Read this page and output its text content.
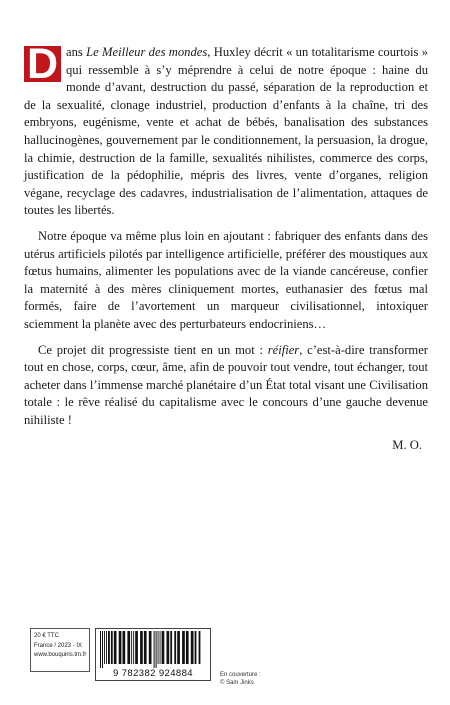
D ans Le Meilleur des mondes, Huxley décrit « un totalitarisme courtois » qui ressemble à s’y méprendre à celui de notre époque : haine du monde d’avant, destruction du passé, séparation de la reproduction et de la sexualité, clonage industriel, production d’enfants à la chaîne, tri des embryons, eugénisme, vente et achat de bébés, banalisation des substances hallucinogènes, gouvernement par le conditionnement, la persuasion, la drogue, la chimie, destruction de la famille, sexualités nihilistes, commerce des corps, justification de la pédophilie, mépris des livres, vente d’organes, religion végane, recyclage des cadavres, industrialisation de l’alimentation, attaques de toutes les libertés.

Notre époque va même plus loin en ajoutant : fabriquer des enfants dans des utérus artificiels pilotés par intelligence artificielle, préférer des moustiques aux fœtus humains, alimenter les populations avec de la viande cancéreuse, confier la maternité à des mères cliniquement mortes, euthanasier des fœtus mal formés, faire de l’avortement un marqueur civilisationnel, intoxiquer sciemment la planète avec des perturbateurs endocriniens…

Ce projet dit progressiste tient en un mot : réifier, c’est-à-dire transformer tout en chose, corps, cœur, âme, afin de pouvoir tout vendre, tout échanger, tout acheter dans l’immense marché planétaire d’un État total visant une Civilisation totale : le rêve réalisé du capitalisme avec le concours d’une gauche devenue nihiliste !

M. O.

20 € TTC
France / 2023 - IX
www.bouquins.tm.fr
9 782382 924884	En couverture :
© Sam Jinks
